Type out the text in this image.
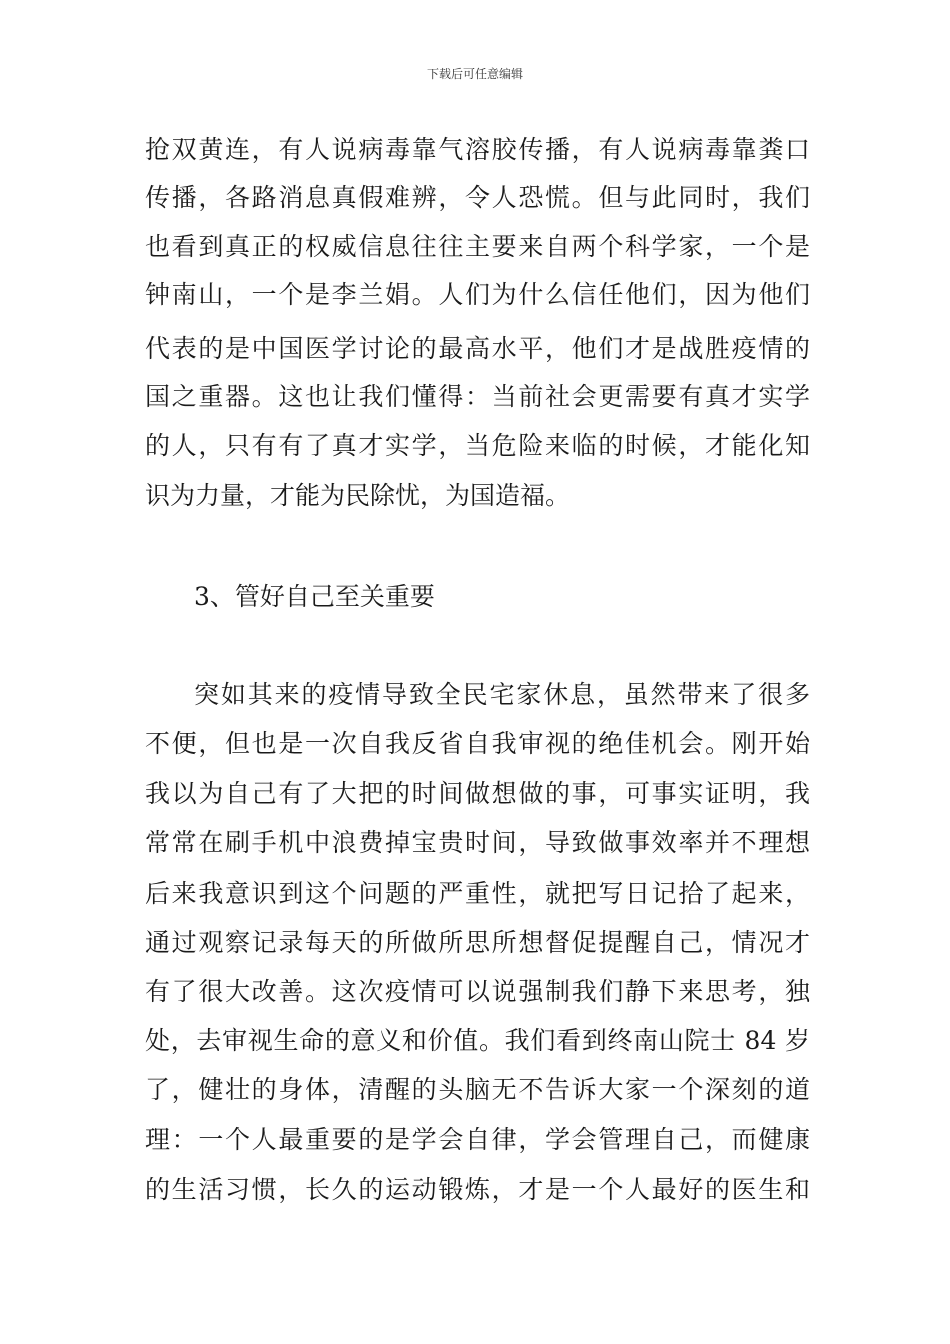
下载后可任意编辑
抢双黄连，有人说病毒靠气溶胶传播，有人说病毒靠粪口
传播，各路消息真假难辨，令人恐慌。但与此同时，我们
也看到真正的权威信息往往主要来自两个科学家，一个是
钟南山，一个是李兰娟。人们为什么信任他们，因为他们
代表的是中国医学讨论的最高水平，他们才是战胜疫情的
国之重器。这也让我们懂得：当前社会更需要有真才实学
的人，只有有了真才实学，当危险来临的时候，才能化知
识为力量，才能为民除忧，为国造福。
3、管好自己至关重要
突如其来的疫情导致全民宅家休息，虽然带来了很多
不便，但也是一次自我反省自我审视的绝佳机会。刚开始
我以为自己有了大把的时间做想做的事，可事实证明，我
常常在刷手机中浪费掉宝贵时间，导致做事效率并不理想
后来我意识到这个问题的严重性，就把写日记拾了起来，
通过观察记录每天的所做所思所想督促提醒自己，情况才
有了很大改善。这次疫情可以说强制我们静下来思考，独
处，去审视生命的意义和价值。我们看到终南山院士 84 岁
了，健壮的身体，清醒的头脑无不告诉大家一个深刻的道
理：一个人最重要的是学会自律，学会管理自己，而健康
的生活习惯，长久的运动锻炼，才是一个人最好的医生和
